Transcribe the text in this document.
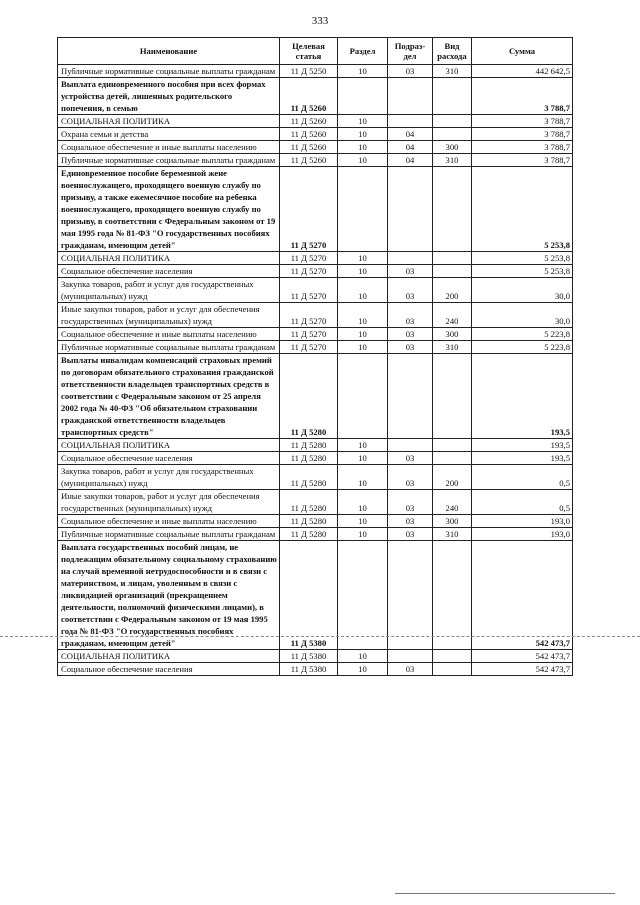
333
Наименование	Целевая статья	Раздел	Подраз-дел	Вид расхода	Сумма
Публичные нормативные социальные выплаты гражданам	11 Д 5250	10	03	310	442 642,5
Выплата единовременного пособия при всех формах устройства детей, лишенных родительского попечения, в семью	11 Д 5260				3 788,7
СОЦИАЛЬНАЯ ПОЛИТИКА	11 Д 5260	10			3 788,7
Охрана семьи и детства	11 Д 5260	10	04		3 788,7
Социальное обеспечение и иные выплаты населению	11 Д 5260	10	04	300	3 788,7
Публичные нормативные социальные выплаты гражданам	11 Д 5260	10	04	310	3 788,7
Единовременное пособие беременной жене военнослужащего, проходящего военную службу по призыву, а также ежемесячное пособие на ребенка военнослужащего, проходящего военную службу по призыву, в соответствии с Федеральным законом от 19 мая 1995 года № 81-ФЗ "О государственных пособиях гражданам, имеющим детей"	11 Д 5270				5 253,8
СОЦИАЛЬНАЯ ПОЛИТИКА	11 Д 5270	10			5 253,8
Социальное обеспечение населения	11 Д 5270	10	03		5 253,8
Закупка товаров, работ и услуг для государственных (муниципальных) нужд	11 Д 5270	10	03	200	30,0
Иные закупки товаров, работ и услуг для обеспечения государственных (муниципальных) нужд	11 Д 5270	10	03	240	30,0
Социальное обеспечение и иные выплаты населению	11 Д 5270	10	03	300	5 223,8
Публичные нормативные социальные выплаты гражданам	11 Д 5270	10	03	310	5 223,8
Выплаты инвалидам компенсаций страховых премий по договорам обязательного страхования гражданской ответственности владельцев транспортных средств в соответствии с Федеральным законом от 25 апреля 2002 года № 40-ФЗ "Об обязательном страховании гражданской ответственности владельцев транспортных средств"	11 Д 5280				193,5
СОЦИАЛЬНАЯ ПОЛИТИКА	11 Д 5280	10			193,5
Социальное обеспечение населения	11 Д 5280	10	03		193,5
Закупка товаров, работ и услуг для государственных (муниципальных) нужд	11 Д 5280	10	03	200	0,5
Иные закупки товаров, работ и услуг для обеспечения государственных (муниципальных) нужд	11 Д 5280	10	03	240	0,5
Социальное обеспечение и иные выплаты населению	11 Д 5280	10	03	300	193,0
Публичные нормативные социальные выплаты гражданам	11 Д 5280	10	03	310	193,0
Выплата государственных пособий лицам, не подлежащим обязательному социальному страхованию на случай временной нетрудоспособности и в связи с материнством, и лицам, уволенным в связи с ликвидацией организаций (прекращением деятельности, полномочий физическими лицами), в соответствии с Федеральным законом от 19 мая 1995 года № 81-ФЗ "О государственных пособиях гражданам, имеющим детей"	11 Д 5380				542 473,7
СОЦИАЛЬНАЯ ПОЛИТИКА	11 Д 5380	10			542 473,7
Социальное обеспечение населения	11 Д 5380	10	03		542 473,7
